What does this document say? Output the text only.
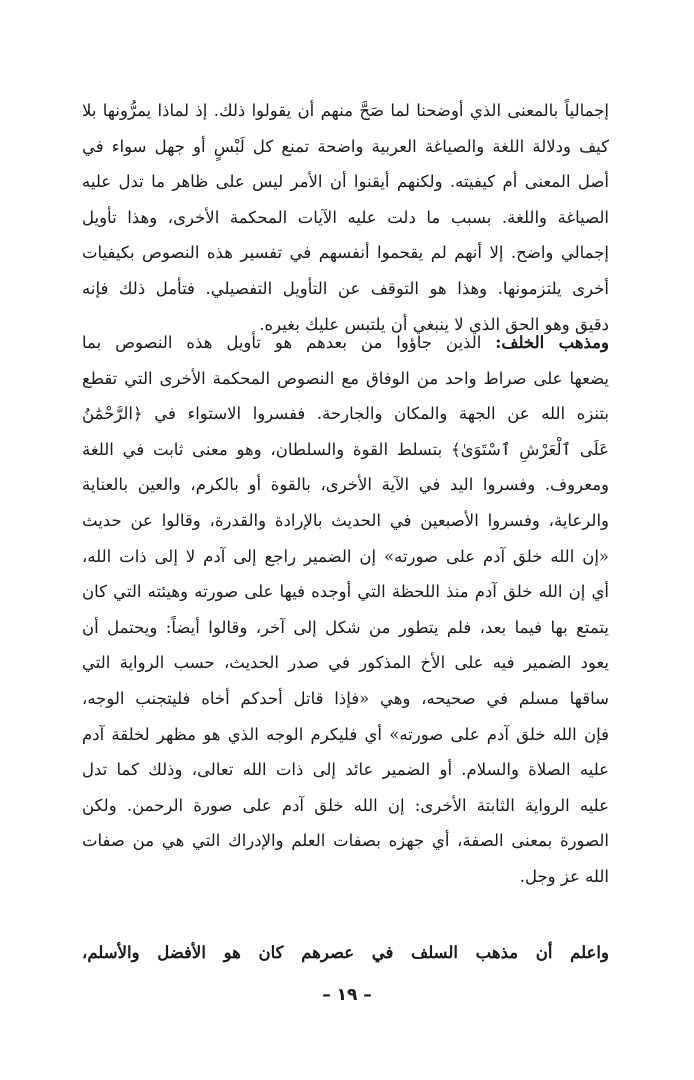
إجمالياً بالمعنى الذي أوضحنا لما صَحَّ منهم أن يقولوا ذلك. إذ لماذا يمرُّونها بلا
كيف ودلالة اللغة والصياغة العربية واضحة تمنع كل لَبْسٍ أو جهل سواء في
أصل المعنى أم كيفيته. ولكنهم أيقنوا أن الأمر ليس على ظاهر ما تدل عليه
الصياغة واللغة. بسبب ما دلت عليه الآيات المحكمة الأخرى، وهذا تأويل
إجمالي واضح. إلا أنهم لم يقحموا أنفسهم في تفسير هذه النصوص بكيفيات
أخرى يلتزمونها. وهذا هو التوقف عن التأويل التفصيلي. فتأمل ذلك فإنه
دقيق وهو الحق الذي لا ينبغي أن يلتبس عليك بغيره.
ومذهب الخلف: الذين جاؤوا من بعدهم هو تأويل هذه النصوص بما
يضعها على صراط واحد من الوفاق مع النصوص المحكمة الأخرى التي تقطع
بتنزه الله عن الجهة والمكان والجارحة. ففسروا الاستواء في ﴿الرَّحْمَٰنُ
عَلَى ٱلْعَرْشِ ٱسْتَوَىٰ﴾ بتسلط القوة والسلطان، وهو معنى ثابت في اللغة
ومعروف. وفسروا اليد في الآية الأخرى، بالقوة أو بالكرم، والعين بالعناية
والرعاية، وفسروا الأصبعين في الحديث بالإرادة والقدرة، وقالوا عن حديث
«إن الله خلق آدم على صورته» إن الضمير راجع إلى آدم لا إلى ذات الله،
أي إن الله خلق آدم منذ اللحظة التي أوجده فيها على صورته وهيئته التي كان
يتمتع بها فيما بعد، فلم يتطور من شكل إلى آخر، وقالوا أيضاً: ويحتمل أن
يعود الضمير فيه على الأخ المذكور في صدر الحديث، حسب الرواية التي
ساقها مسلم في صحيحه، وهي «فإذا قاتل أحدكم أخاه فليتجنب الوجه،
فإن الله خلق آدم على صورته» أي فليكرم الوجه الذي هو مظهر لخلقة آدم
عليه الصلاة والسلام. أو الضمير عائد إلى ذات الله تعالى، وذلك كما تدل
عليه الرواية الثابتة الأخرى: إن الله خلق آدم على صورة الرحمن. ولكن
الصورة بمعنى الصفة، أي جهزه بصفات العلم والإدراك التي هي من صفات
الله عز وجل.
واعلم أن مذهب السلف في عصرهم كان هو الأفضل والأسلم،
– ١٩ –
